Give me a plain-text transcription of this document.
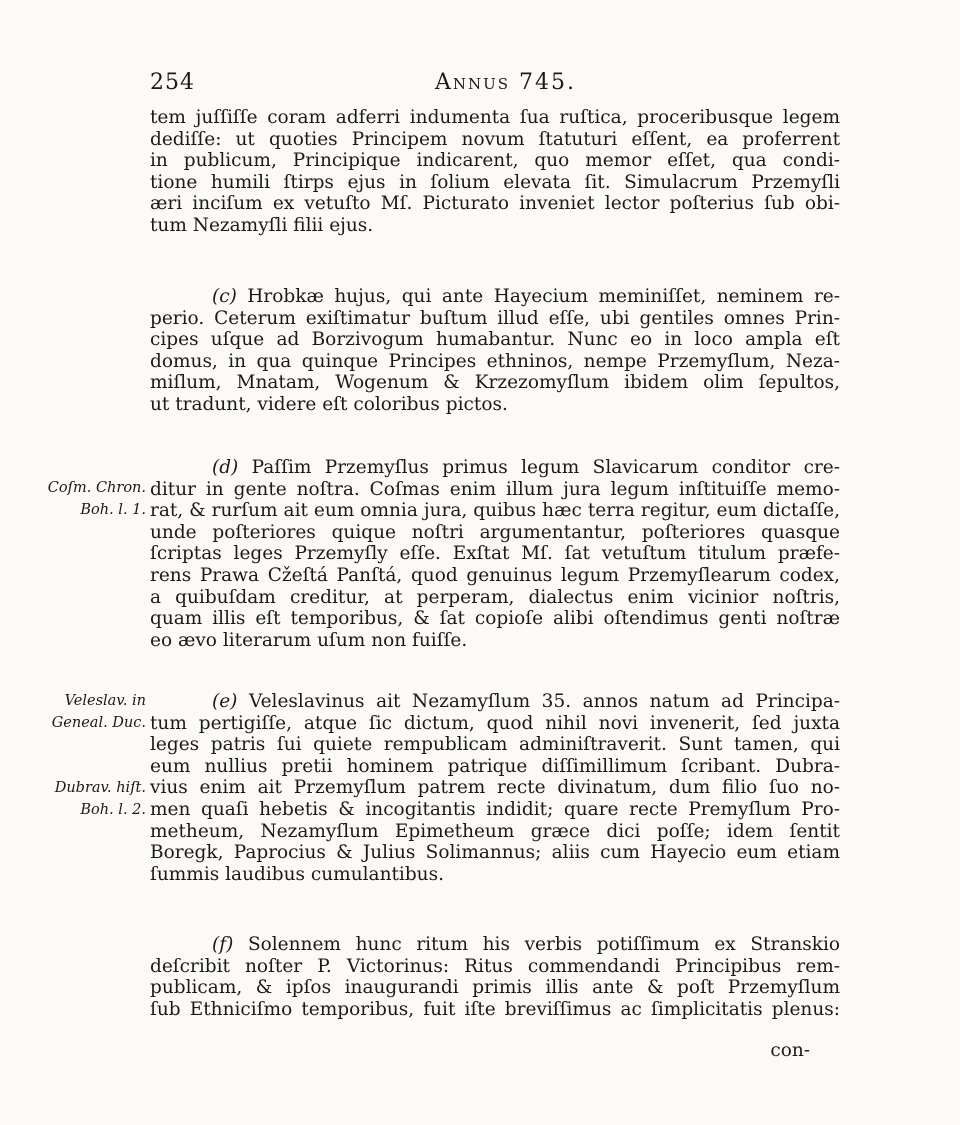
254	Annus 745.
Coſm. Chron.
Boh. l. 1.
Veleslav. in
Geneal. Duc.
Dubrav. hiſt.
Boh. l. 2.
tem juſſiſſe coram adferri indumenta ſua ruſtica, proceribusque legem
dediſſe: ut quoties Principem novum ſtatuturi eſſent, ea proferrent
in publicum, Principique indicarent, quo memor eſſet, qua condi-
tione humili ſtirps ejus in ſolium elevata ſit. Simulacrum Przemyſli
æri inciſum ex vetuſto Mſ. Picturato inveniet lector poſterius ſub obi-
tum Nezamyſli filii ejus.
(c) Hrobkæ hujus, qui ante Hayecium meminiſſet, neminem re-
perio. Ceterum exiſtimatur buſtum illud eſſe, ubi gentiles omnes Prin-
cipes uſque ad Borzivogum humabantur. Nunc eo in loco ampla eſt
domus, in qua quinque Principes ethninos, nempe Przemyſlum, Neza-
miſlum, Mnatam, Wogenum & Krzezomyſlum ibidem olim ſepultos,
ut tradunt, videre eſt coloribus pictos.
(d) Paſſim Przemyſlus primus legum Slavicarum conditor cre-
ditur in gente noſtra. Coſmas enim illum jura legum inſtituiſſe memo-
rat, & rurſum ait eum omnia jura, quibus hæc terra regitur, eum dictaſſe,
unde poſteriores quique noſtri argumentantur, poſteriores quasque
ſcriptas leges Przemyſly eſſe. Exſtat Mſ. ſat vetuſtum titulum præfe-
rens Prawa Cžeſtá Panſtá, quod genuinus legum Przemyſlearum codex,
a quibuſdam creditur, at perperam, dialectus enim vicinior noſtris,
quam illis eſt temporibus, & ſat copioſe alibi oſtendimus genti noſtræ
eo ævo literarum uſum non fuiſſe.
(e) Veleslavinus ait Nezamyſlum 35. annos natum ad Principa-
tum pertigiſſe, atque ſic dictum, quod nihil novi invenerit, ſed juxta
leges patris ſui quiete rempublicam adminiſtraverit. Sunt tamen, qui
eum nullius pretii hominem patrique diſſimillimum ſcribant. Dubra-
vius enim ait Przemyſlum patrem recte divinatum, dum filio ſuo no-
men quaſi hebetis & incogitantis indidit; quare recte Premyſlum Pro-
metheum, Nezamyſlum Epimetheum græce dici poſſe; idem ſentit
Boregk, Paprocius & Julius Solimannus; aliis cum Hayecio eum etiam
ſummis laudibus cumulantibus.
(f) Solennem hunc ritum his verbis potiſſimum ex Stranskio
deſcribit noſter P. Victorinus: Ritus commendandi Principibus rem-
publicam, & ipſos inaugurandi primis illis ante & poſt Przemyſlum
ſub Ethniciſmo temporibus, fuit iſte breviſſimus ac ſimplicitatis plenus:
con-
